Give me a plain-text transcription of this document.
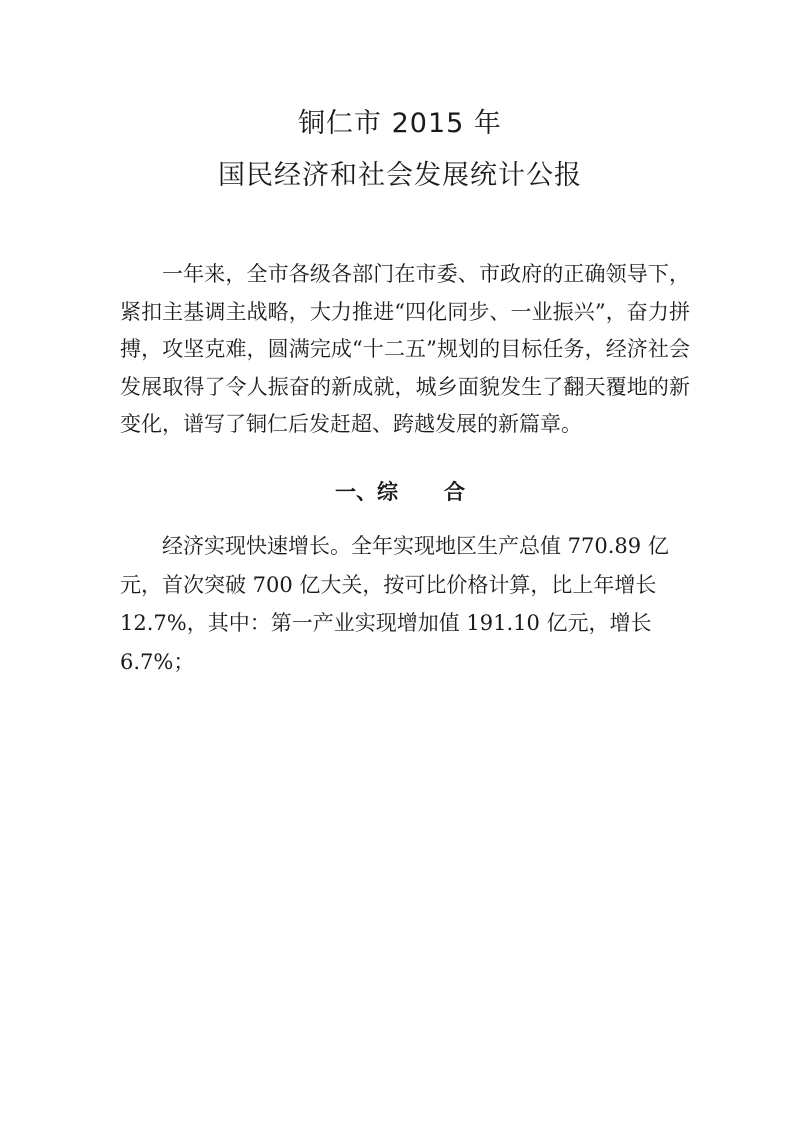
铜仁市 2015 年
国民经济和社会发展统计公报

一年来，全市各级各部门在市委、市政府的正确领导下，紧扣主基调主战略，大力推进“四化同步、一业振兴”，奋力拼搏，攻坚克难，圆满完成“十二五”规划的目标任务，经济社会发展取得了令人振奋的新成就，城乡面貌发生了翻天覆地的新变化，谱写了铜仁后发赶超、跨越发展的新篇章。

一、综 合

经济实现快速增长。全年实现地区生产总值 770.89 亿元，首次突破 700 亿大关，按可比价格计算，比上年增长 12.7%，其中：第一产业实现增加值 191.10 亿元，增长 6.7%；
